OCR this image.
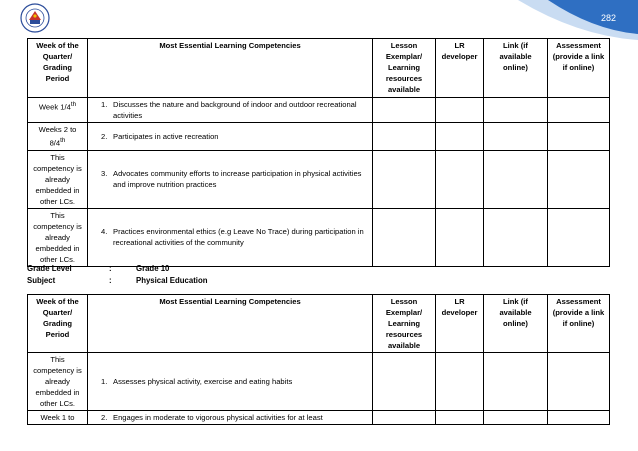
282
Week of the Quarter/ Grading Period	Most Essential Learning Competencies	Lesson Exemplar/ Learning resources available	LR developer	Link (if available online)	Assessment (provide a link if online)
Week 1/4th	1. Discusses the nature and background of indoor and outdoor recreational activities				

Weeks 2 to 8/4th	2. Participates in active recreation				

This competency is already embedded in other LCs.	3. Advocates community efforts to increase participation in physical activities and improve nutrition practices				

This competency is already embedded in other LCs.	4. Practices environmental ethics (e.g Leave No Trace) during participation in recreational activities of the community				

Grade Level	:	Grade 10
Subject	:	Physical Education
Week of the Quarter/ Grading Period	Most Essential Learning Competencies	Lesson Exemplar/ Learning resources available	LR developer	Link (if available online)	Assessment (provide a link if online)
This competency is already embedded in other LCs.	1. Assesses physical activity, exercise and eating habits				

Week 1 to	2. Engages in moderate to vigorous physical activities for at least				
